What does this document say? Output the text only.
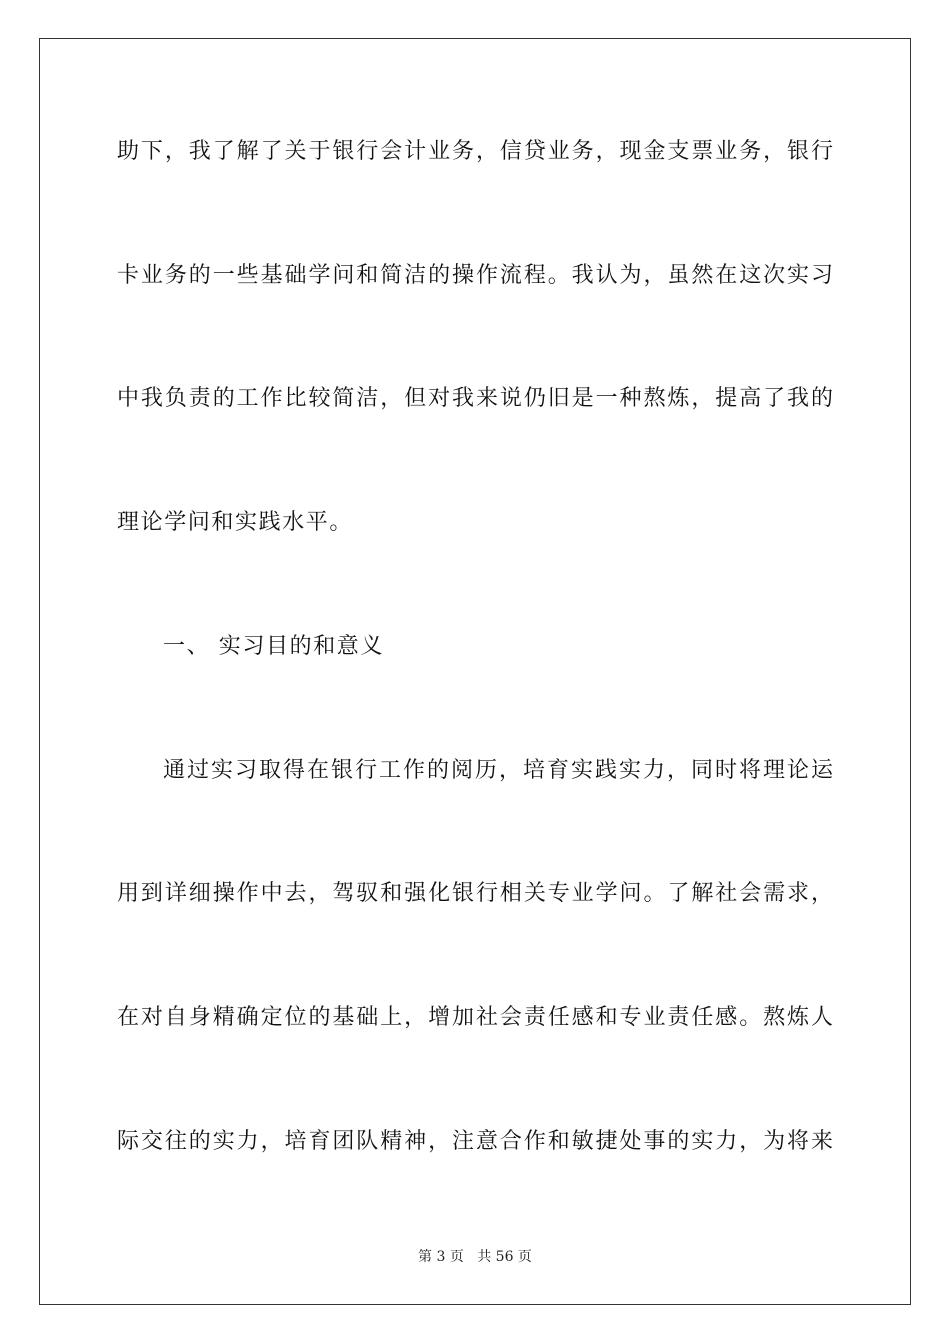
助下，我了解了关于银行会计业务，信贷业务，现金支票业务，银行
卡业务的一些基础学问和简洁的操作流程。我认为，虽然在这次实习
中我负责的工作比较简洁，但对我来说仍旧是一种熬炼，提高了我的
理论学问和实践水平。
一、 实习目的和意义
通过实习取得在银行工作的阅历，培育实践实力，同时将理论运
用到详细操作中去，驾驭和强化银行相关专业学问。了解社会需求，
在对自身精确定位的基础上，增加社会责任感和专业责任感。熬炼人
际交往的实力，培育团队精神，注意合作和敏捷处事的实力，为将来
第 3 页 共 56 页
